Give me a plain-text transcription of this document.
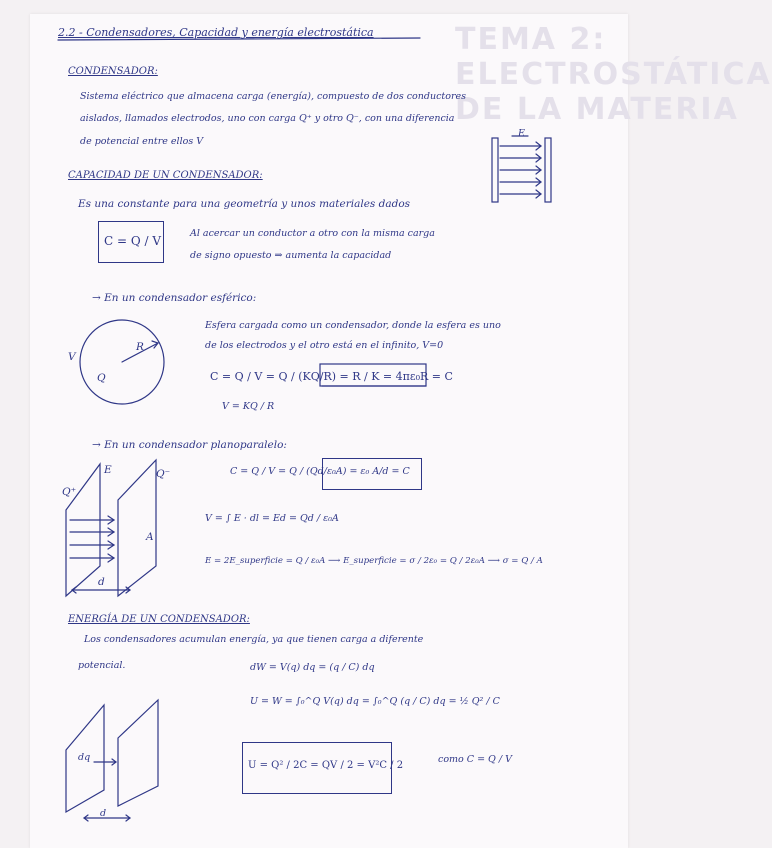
TEMA 2: ELECTROSTÁTICA DE LA MATERIA
2.2 - Condensadores, Capacidad y energía electrostática
CONDENSADOR:
Sistema eléctrico que almacena carga (energía), compuesto de dos conductores
aislados, llamados electrodos, uno con carga Q⁺ y otro Q⁻, con una diferencia
de potencial entre ellos V
E
CAPACIDAD DE UN CONDENSADOR:
Es una constante para una geometría y unos materiales dados
C = Q / V
Al acercar un conductor a otro con la misma carga
de signo opuesto ⇒ aumenta la capacidad
→ En un condensador esférico:
Esfera cargada como un condensador, donde la esfera es uno
de los electrodos y el otro está en el infinito, V=0
V
R
Q	C = Q / V = Q / (KQ/R) = R / K = 4πε₀R = C
V = KQ / R
→ En un condensador planoparalelo:
Q⁺
Q⁻
E
A
d
C = Q / V = Q / (Qd/ε₀A) = ε₀ A/d = C
V = ∫ E · dl = Ed = Qd / ε₀A
E = 2E_superficie = Q / ε₀A ⟶ E_superficie = σ / 2ε₀ = Q / 2ε₀A ⟶ σ = Q / A
ENERGÍA DE UN CONDENSADOR:
Los condensadores acumulan energía, ya que tienen carga a diferente
potencial.	dW = V(q) dq = (q / C) dq
U = W = ∫₀^Q V(q) dq = ∫₀^Q (q / C) dq = ½ Q² / C
U = Q² / 2C = QV / 2 = V²C / 2
como C = Q / V
dq
d
